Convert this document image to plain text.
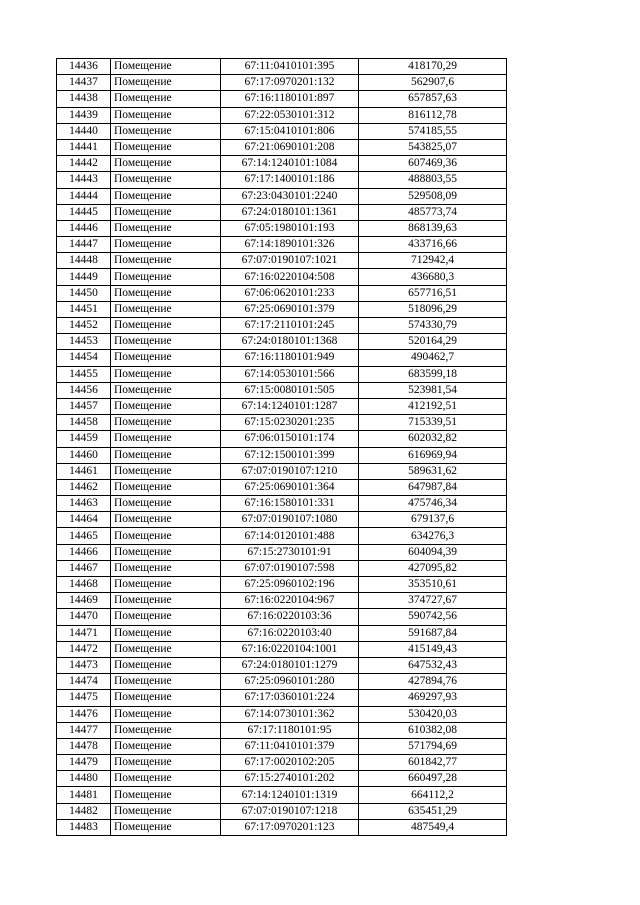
14436	Помещение	67:11:0410101:395	418170,29
14437	Помещение	67:17:0970201:132	562907,6
14438	Помещение	67:16:1180101:897	657857,63
14439	Помещение	67:22:0530101:312	816112,78
14440	Помещение	67:15:0410101:806	574185,55
14441	Помещение	67:21:0690101:208	543825,07
14442	Помещение	67:14:1240101:1084	607469,36
14443	Помещение	67:17:1400101:186	488803,55
14444	Помещение	67:23:0430101:2240	529508,09
14445	Помещение	67:24:0180101:1361	485773,74
14446	Помещение	67:05:1980101:193	868139,63
14447	Помещение	67:14:1890101:326	433716,66
14448	Помещение	67:07:0190107:1021	712942,4
14449	Помещение	67:16:0220104:508	436680,3
14450	Помещение	67:06:0620101:233	657716,51
14451	Помещение	67:25:0690101:379	518096,29
14452	Помещение	67:17:2110101:245	574330,79
14453	Помещение	67:24:0180101:1368	520164,29
14454	Помещение	67:16:1180101:949	490462,7
14455	Помещение	67:14:0530101:566	683599,18
14456	Помещение	67:15:0080101:505	523981,54
14457	Помещение	67:14:1240101:1287	412192,51
14458	Помещение	67:15:0230201:235	715339,51
14459	Помещение	67:06:0150101:174	602032,82
14460	Помещение	67:12:1500101:399	616969,94
14461	Помещение	67:07:0190107:1210	589631,62
14462	Помещение	67:25:0690101:364	647987,84
14463	Помещение	67:16:1580101:331	475746,34
14464	Помещение	67:07:0190107:1080	679137,6
14465	Помещение	67:14:0120101:488	634276,3
14466	Помещение	67:15:2730101:91	604094,39
14467	Помещение	67:07:0190107:598	427095,82
14468	Помещение	67:25:0960102:196	353510,61
14469	Помещение	67:16:0220104:967	374727,67
14470	Помещение	67:16:0220103:36	590742,56
14471	Помещение	67:16:0220103:40	591687,84
14472	Помещение	67:16:0220104:1001	415149,43
14473	Помещение	67:24:0180101:1279	647532,43
14474	Помещение	67:25:0960101:280	427894,76
14475	Помещение	67:17:0360101:224	469297,93
14476	Помещение	67:14:0730101:362	530420,03
14477	Помещение	67:17:1180101:95	610382,08
14478	Помещение	67:11:0410101:379	571794,69
14479	Помещение	67:17:0020102:205	601842,77
14480	Помещение	67:15:2740101:202	660497,28
14481	Помещение	67:14:1240101:1319	664112,2
14482	Помещение	67:07:0190107:1218	635451,29
14483	Помещение	67:17:0970201:123	487549,4
